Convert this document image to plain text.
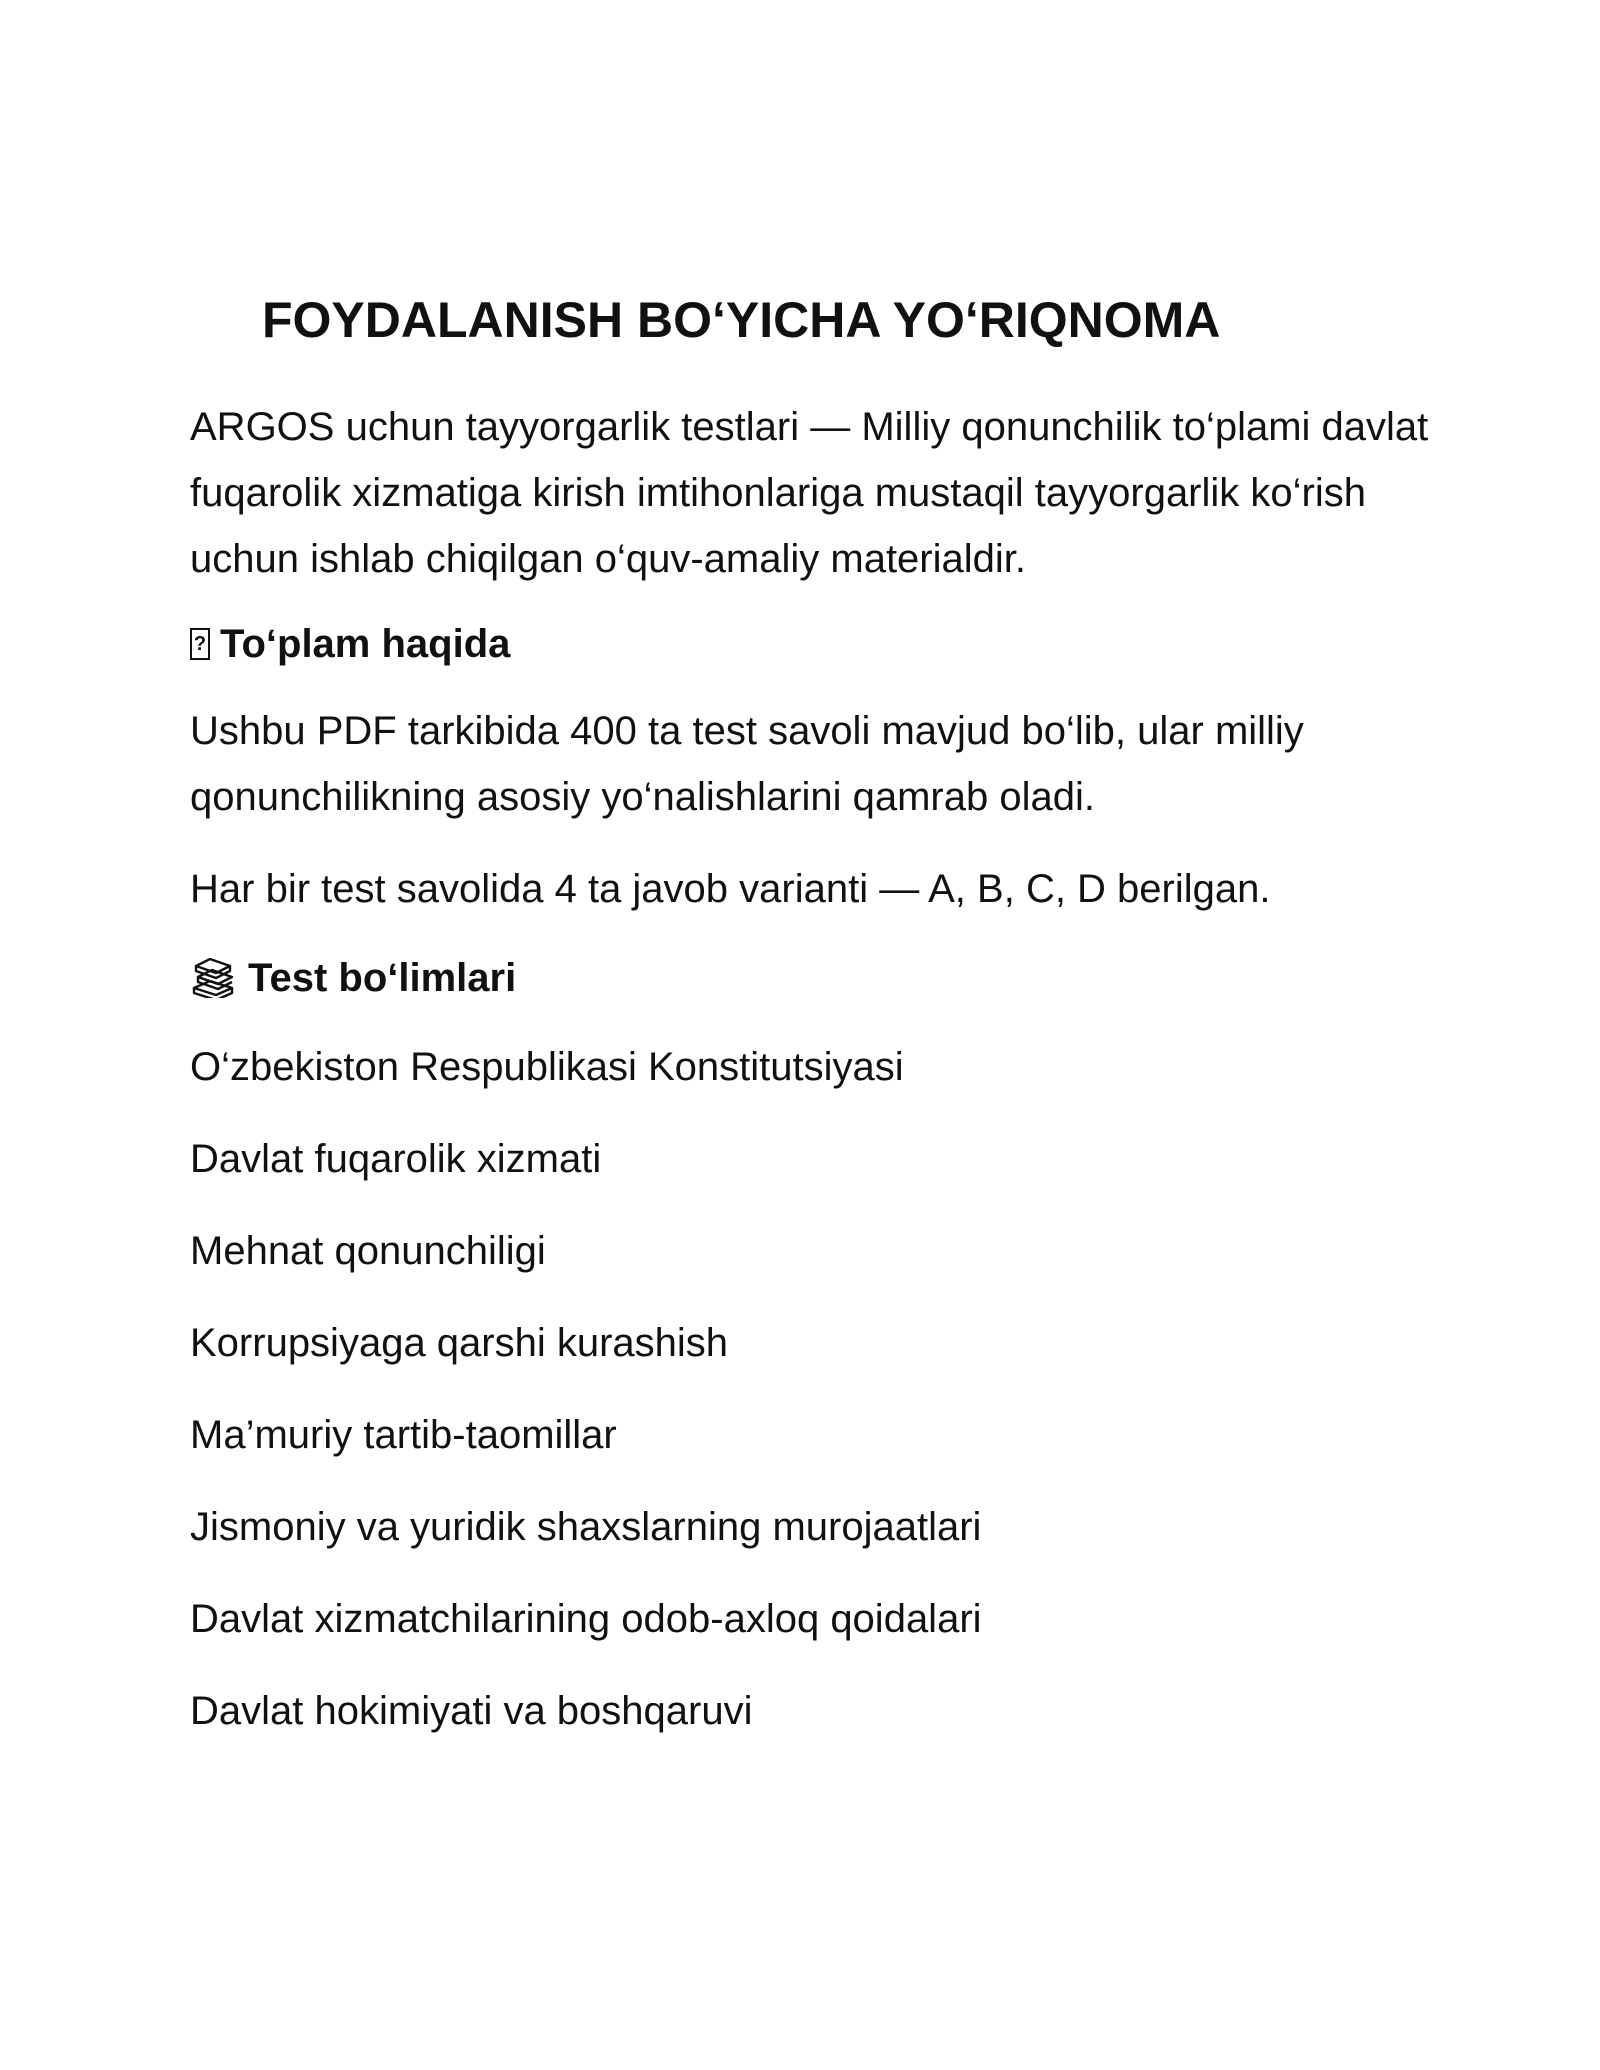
FOYDALANISH BO‘YICHA YO‘RIQNOMA

ARGOS uchun tayyorgarlik testlari — Milliy qonunchilik to‘plami davlat fuqarolik xizmatiga kirish imtihonlariga mustaqil tayyorgarlik ko‘rish uchun ishlab chiqilgan o‘quv-amaliy materialdir.

? To‘plam haqida

Ushbu PDF tarkibida 400 ta test savoli mavjud bo‘lib, ular milliy qonunchilikning asosiy yo‘nalishlarini qamrab oladi.

Har bir test savolida 4 ta javob varianti — A, B, C, D berilgan.

Test bo‘limlari
O‘zbekiston Respublikasi Konstitutsiyasi
Davlat fuqarolik xizmati
Mehnat qonunchiligi
Korrupsiyaga qarshi kurashish
Ma’muriy tartib-taomillar
Jismoniy va yuridik shaxslarning murojaatlari
Davlat xizmatchilarining odob-axloq qoidalari
Davlat hokimiyati va boshqaruvi
